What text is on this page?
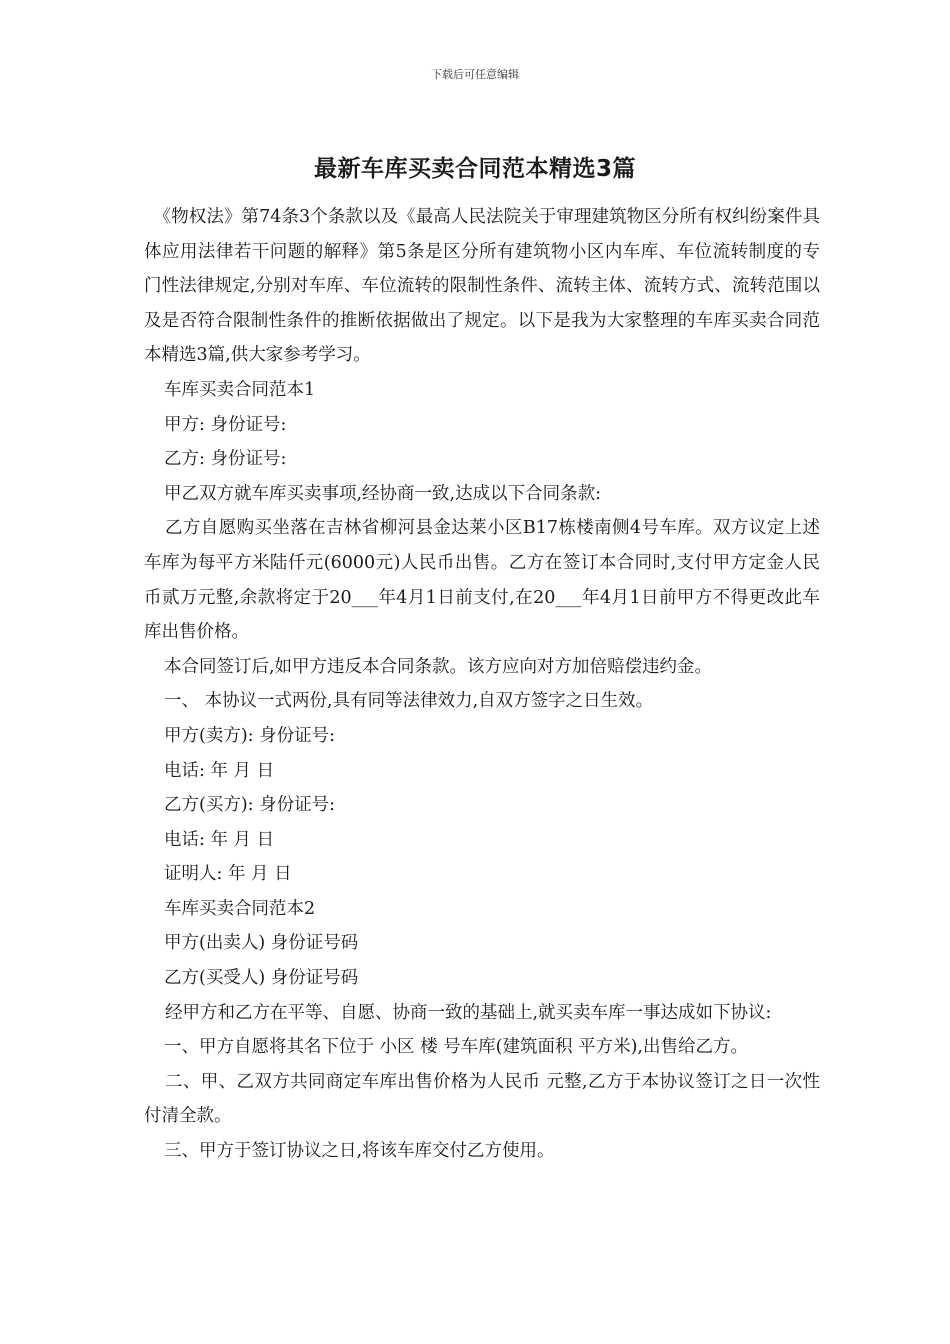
下载后可任意编辑
最新车库买卖合同范本精选3篇

《物权法》第74条3个条款以及《最高人民法院关于审理建筑物区分所有权纠纷案件具体应用法律若干问题的解释》第5条是区分所有建筑物小区内车库、车位流转制度的专门性法律规定,分别对车库、车位流转的限制性条件、流转主体、流转方式、流转范围以及是否符合限制性条件的推断依据做出了规定。以下是我为大家整理的车库买卖合同范本精选3篇,供大家参考学习。

车库买卖合同范本1

甲方: 身份证号:

乙方: 身份证号:

甲乙双方就车库买卖事项,经协商一致,达成以下合同条款:

乙方自愿购买坐落在吉林省柳河县金达莱小区B17栋楼南侧4号车库。双方议定上述车库为每平方米陆仟元(6000元)人民币出售。乙方在签订本合同时,支付甲方定金人民币贰万元整,余款将定于20___年4月1日前支付,在20___年4月1日前甲方不得更改此车库出售价格。

本合同签订后,如甲方违反本合同条款。该方应向对方加倍赔偿违约金。

一、 本协议一式两份,具有同等法律效力,自双方签字之日生效。

甲方(卖方): 身份证号:

电话: 年 月 日

乙方(买方): 身份证号:

电话: 年 月 日

证明人: 年 月 日

车库买卖合同范本2

甲方(出卖人) 身份证号码

乙方(买受人) 身份证号码

经甲方和乙方在平等、自愿、协商一致的基础上,就买卖车库一事达成如下协议:

一、甲方自愿将其名下位于 小区 楼 号车库(建筑面积 平方米),出售给乙方。

二、甲、乙双方共同商定车库出售价格为人民币 元整,乙方于本协议签订之日一次性付清全款。

三、甲方于签订协议之日,将该车库交付乙方使用。
